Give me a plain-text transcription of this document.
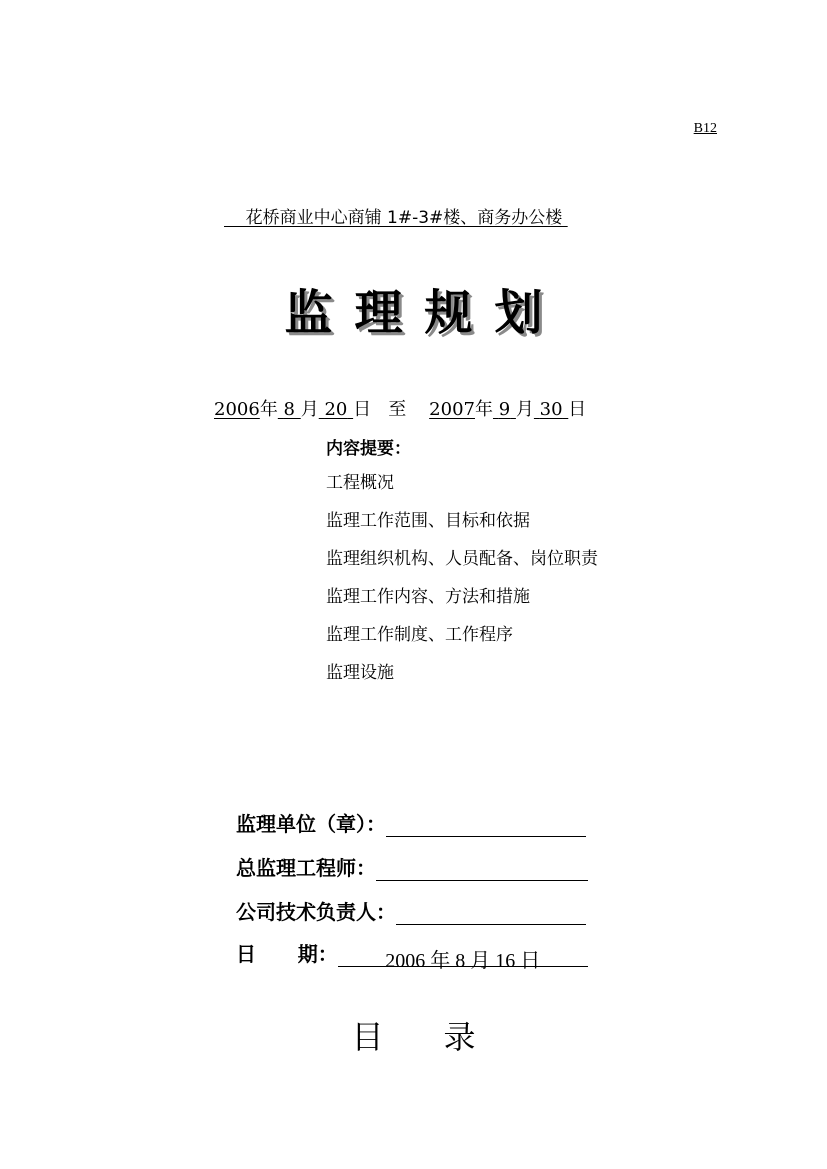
B12
花桥商业中心商铺 1#-3#楼、商务办公楼
监理规划
2006年 8 月 20 日 至 2007年 9 月 30 日
内容提要：
工程概况
监理工作范围、目标和依据
监理组织机构、人员配备、岗位职责
监理工作内容、方法和措施
监理工作制度、工作程序
监理设施
监理单位（章）：
总监理工程师：
公司技术负责人：
日      期： 2006 年 8 月 16 日
目录
